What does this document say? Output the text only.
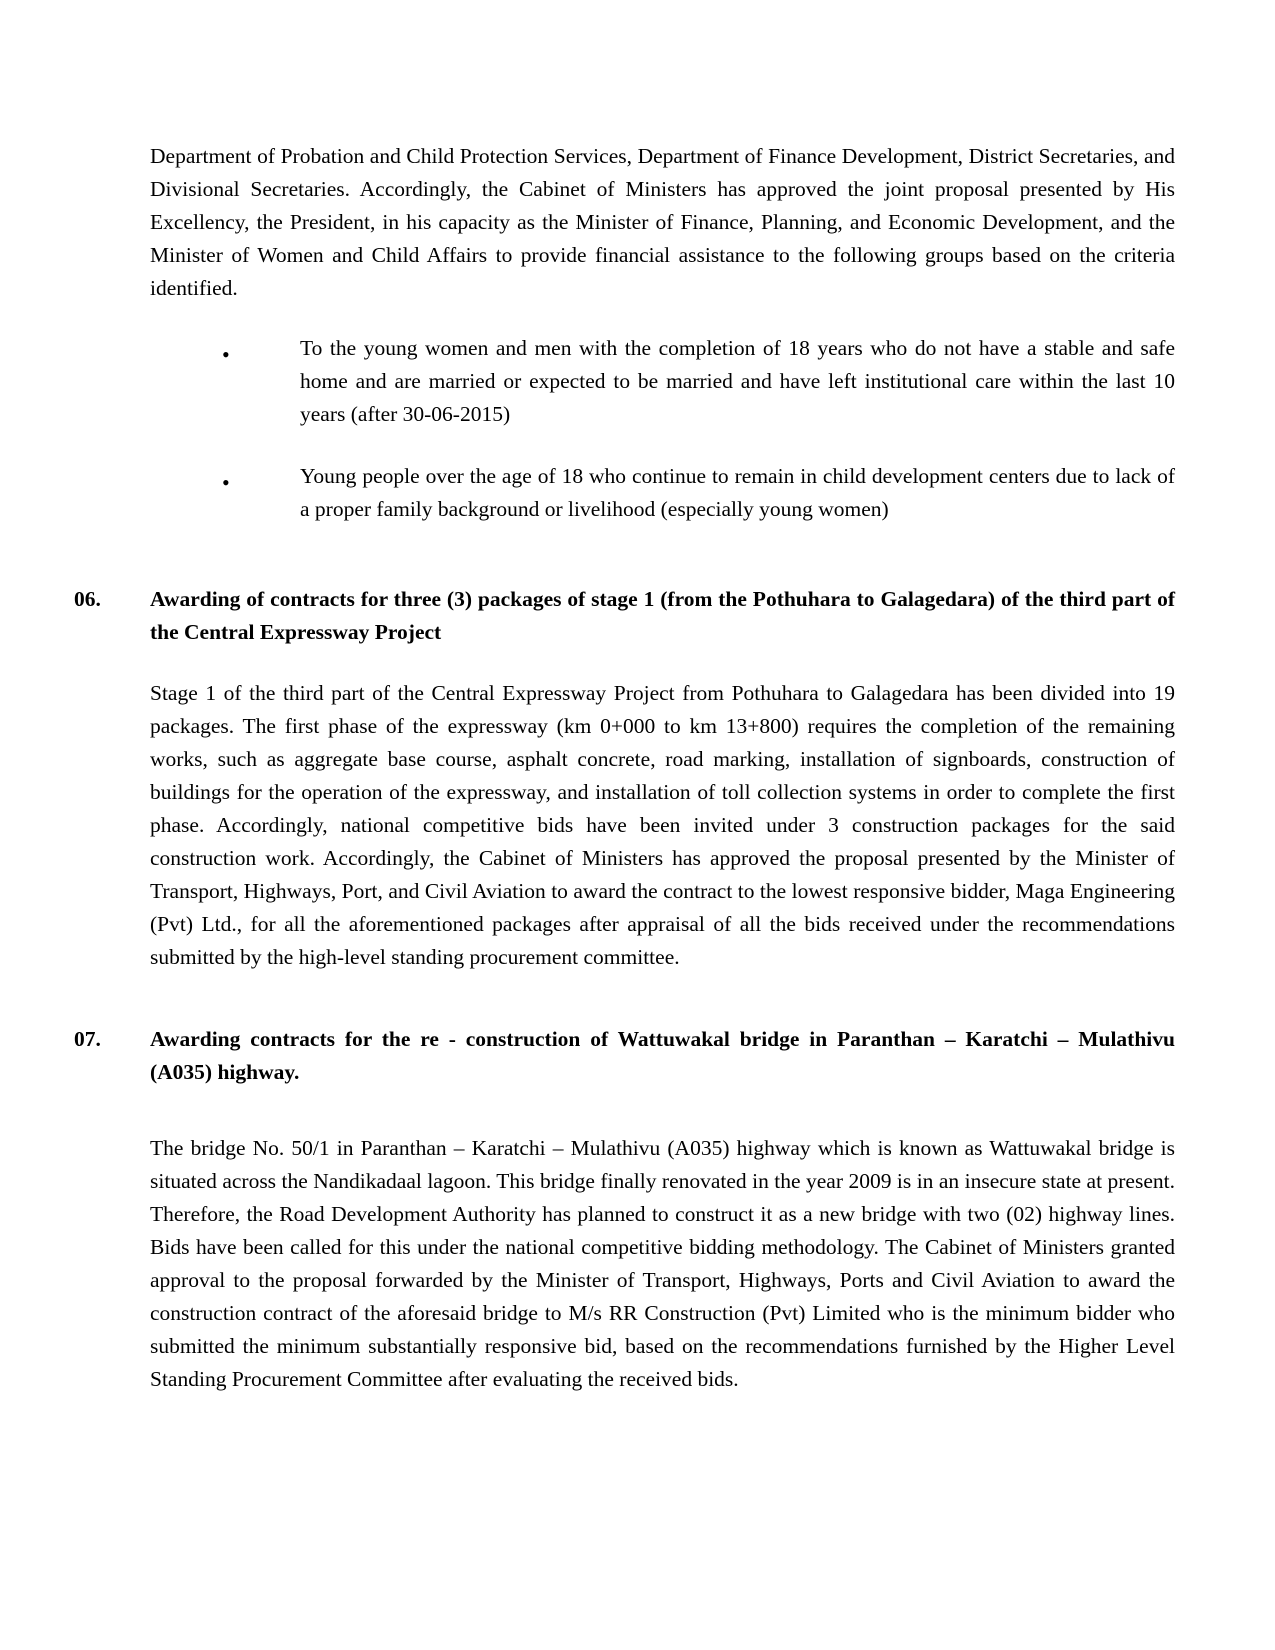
Department of Probation and Child Protection Services, Department of Finance Development, District Secretaries, and Divisional Secretaries. Accordingly, the Cabinet of Ministers has approved the joint proposal presented by His Excellency, the President, in his capacity as the Minister of Finance, Planning, and Economic Development, and the Minister of Women and Child Affairs to provide financial assistance to the following groups based on the criteria identified.

•	To the young women and men with the completion of 18 years who do not have a stable and safe home and are married or expected to be married and have left institutional care within the last 10 years (after 30-06-2015)

•	Young people over the age of 18 who continue to remain in child development centers due to lack of a proper family background or livelihood (especially young women)

06. Awarding of contracts for three (3) packages of stage 1 (from the Pothuhara to Galagedara) of the third part of the Central Expressway Project

Stage 1 of the third part of the Central Expressway Project from Pothuhara to Galagedara has been divided into 19 packages. The first phase of the expressway (km 0+000 to km 13+800) requires the completion of the remaining works, such as aggregate base course, asphalt concrete, road marking, installation of signboards, construction of buildings for the operation of the expressway, and installation of toll collection systems in order to complete the first phase. Accordingly, national competitive bids have been invited under 3 construction packages for the said construction work. Accordingly, the Cabinet of Ministers has approved the proposal presented by the Minister of Transport, Highways, Port, and Civil Aviation to award the contract to the lowest responsive bidder, Maga Engineering (Pvt) Ltd., for all the aforementioned packages after appraisal of all the bids received under the recommendations submitted by the high-level standing procurement committee.

07. Awarding contracts for the re - construction of Wattuwakal bridge in Paranthan – Karatchi – Mulathivu (A035) highway.

The bridge No. 50/1 in Paranthan – Karatchi – Mulathivu (A035) highway which is known as Wattuwakal bridge is situated across the Nandikadaal lagoon. This bridge finally renovated in the year 2009 is in an insecure state at present. Therefore, the Road Development Authority has planned to construct it as a new bridge with two (02) highway lines. Bids have been called for this under the national competitive bidding methodology. The Cabinet of Ministers granted approval to the proposal forwarded by the Minister of Transport, Highways, Ports and Civil Aviation to award the construction contract of the aforesaid bridge to M/s RR Construction (Pvt) Limited who is the minimum bidder who submitted the minimum substantially responsive bid, based on the recommendations furnished by the Higher Level Standing Procurement Committee after evaluating the received bids.
